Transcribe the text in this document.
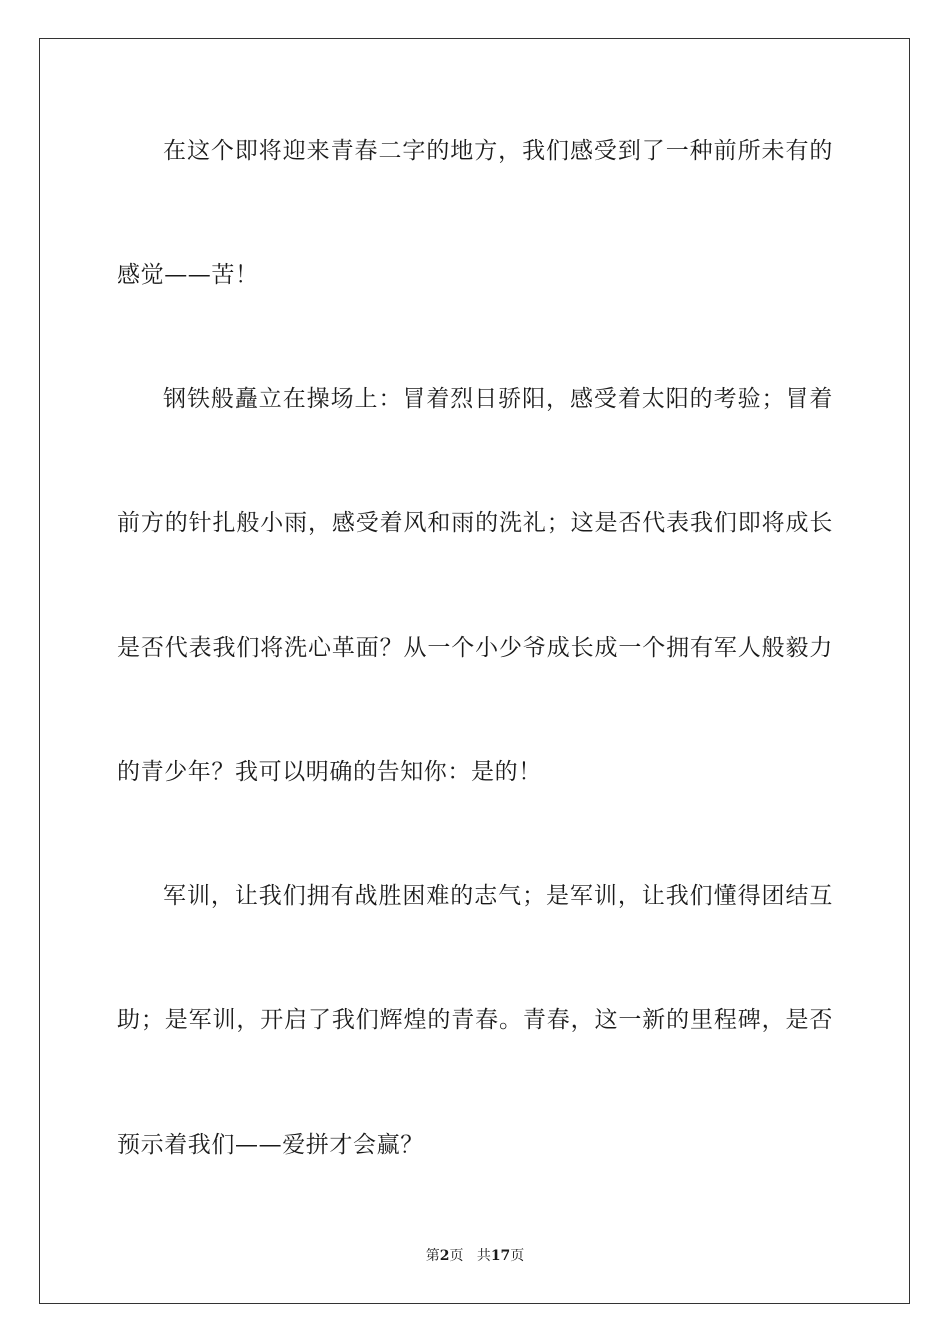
在这个即将迎来青春二字的地方，我们感受到了一种前所未有的
感觉——苦！
钢铁般矗立在操场上：冒着烈日骄阳，感受着太阳的考验；冒着
前方的针扎般小雨，感受着风和雨的洗礼；这是否代表我们即将成长
是否代表我们将洗心革面？从一个小少爷成长成一个拥有军人般毅力
的青少年？我可以明确的告知你：是的！
军训，让我们拥有战胜困难的志气；是军训，让我们懂得团结互
助；是军训，开启了我们辉煌的青春。青春，这一新的里程碑，是否
预示着我们——爱拼才会赢？
第2页 共17页
